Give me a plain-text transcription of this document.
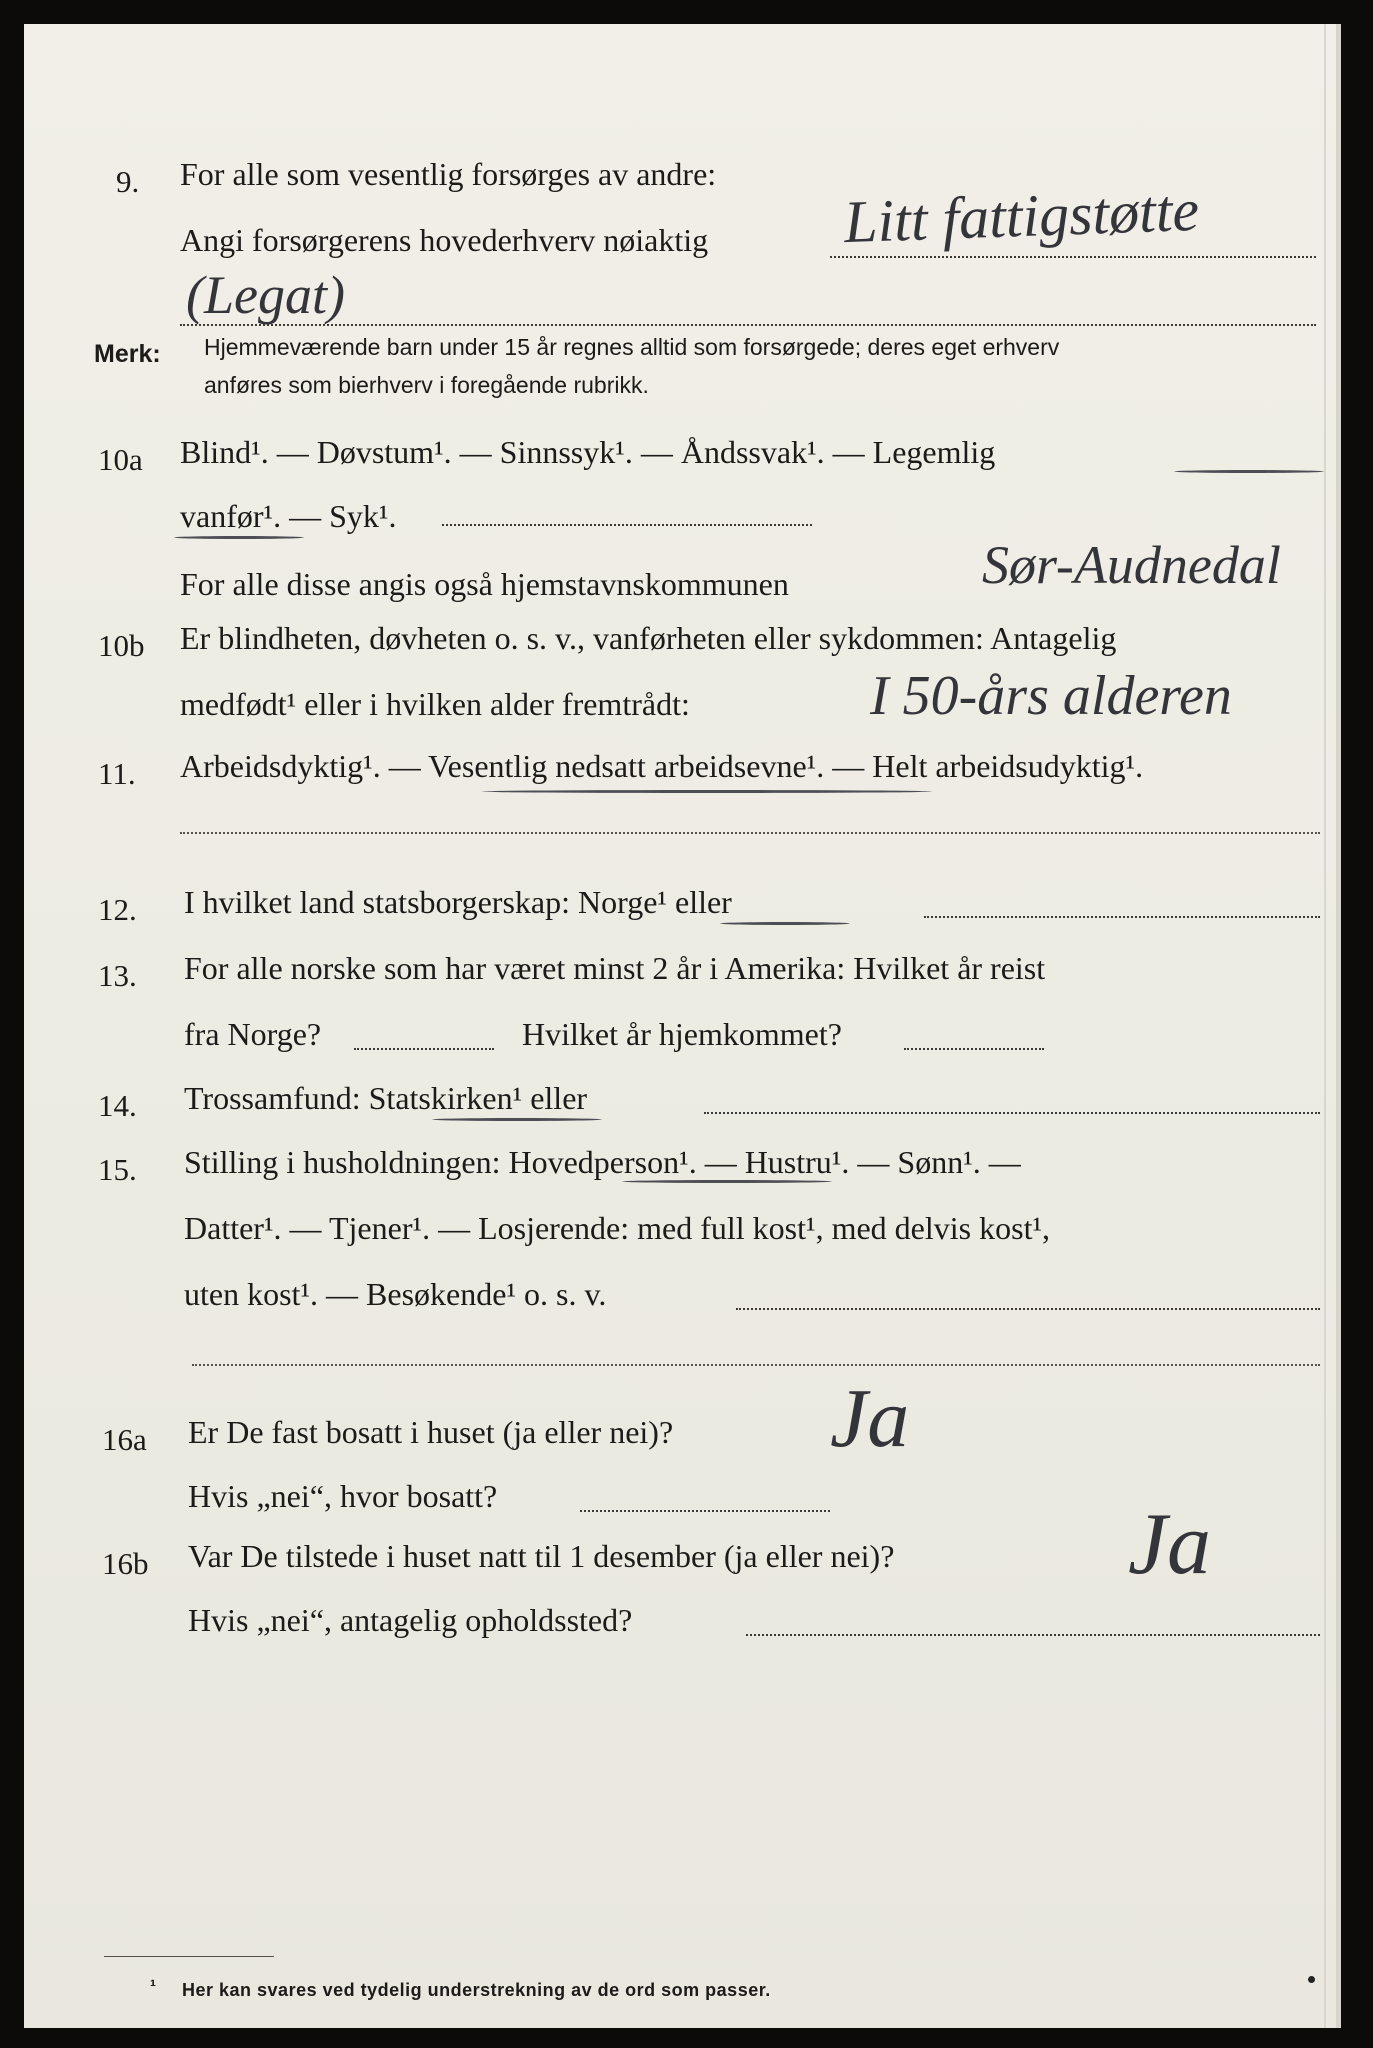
9.	For alle som vesentlig forsørges av andre:
Angi forsørgerens hovederhverv nøiaktig Litt fattigstøtte
(Legat)
Merk: Hjemmeværende barn under 15 år regnes alltid som forsørgede; deres eget erhverv
anføres som bierhverv i foregående rubrikk.
10a	Blind¹. — Døvstum¹. — Sinnssyk¹. — Åndssvak¹. — Legemlig
vanfør¹. — Syk¹.
For alle disse angis også hjemstavnskommunen	Sør-Audnedal
10b	Er blindheten, døvheten o. s. v., vanførheten eller sykdommen: Antagelig
medfødt¹ eller i hvilken alder fremtrådt:	I 50-års alderen
11.	Arbeidsdyktig¹. — Vesentlig nedsatt arbeidsevne¹. — Helt arbeidsudyktig¹.
12.	I hvilket land statsborgerskap: Norge¹ eller
13.	For alle norske som har været minst 2 år i Amerika: Hvilket år reist
fra Norge?	Hvilket år hjemkommet?
14.	Trossamfund: Statskirken¹ eller
15.	Stilling i husholdningen: Hovedperson¹. — Hustru¹. — Sønn¹. —
Datter¹. — Tjener¹. — Losjerende: med full kost¹, med delvis kost¹,
uten kost¹. — Besøkende¹ o. s. v.
16a	Er De fast bosatt i huset (ja eller nei)? Ja
Hvis „nei“, hvor bosatt?
16b	Var De tilstede i huset natt til 1 desember (ja eller nei)?	Ja
Hvis „nei“, antagelig opholdssted?
¹ Her kan svares ved tydelig understrekning av de ord som passer.
